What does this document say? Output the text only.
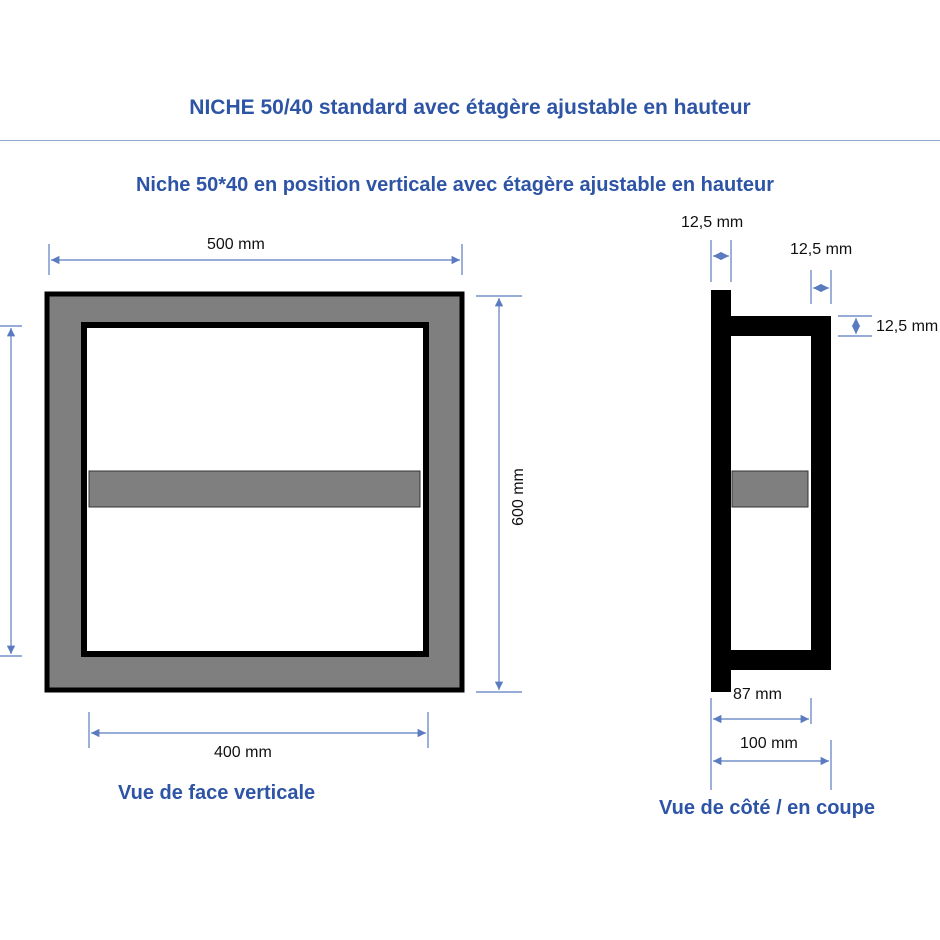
NICHE 50/40 standard avec étagère ajustable en hauteur
Niche 50*40 en position verticale avec étagère ajustable en hauteur
500 mm
600 mm
400 mm
Vue de face verticale
12,5 mm
12,5 mm
12,5 mm
87 mm
100 mm
Vue de côté / en coupe
